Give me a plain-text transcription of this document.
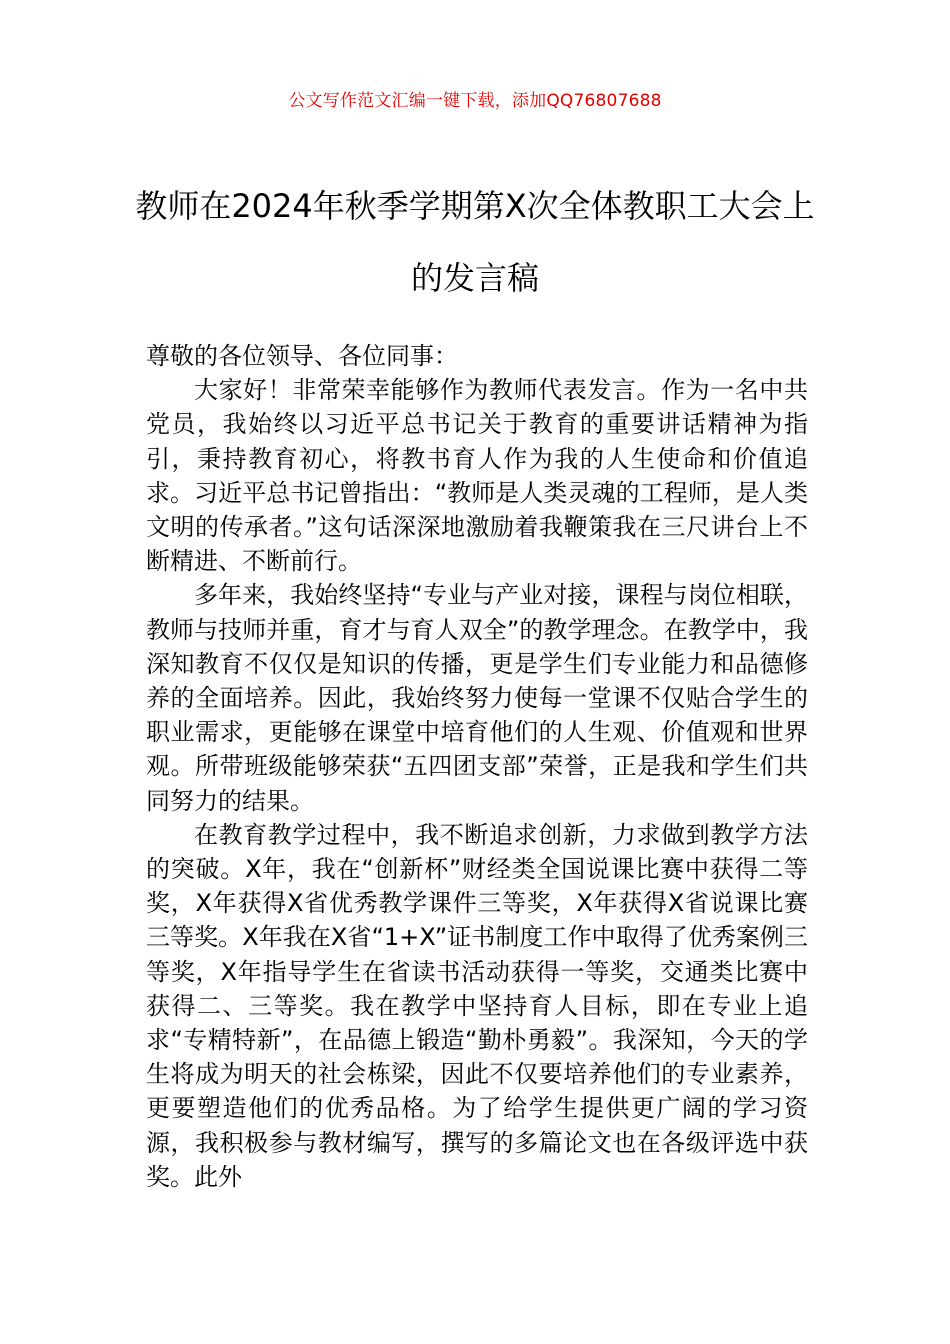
公文写作范文汇编一键下载，添加QQ76807688
教师在2024年秋季学期第X次全体教职工大会上的发言稿

尊敬的各位领导、各位同事：

大家好！非常荣幸能够作为教师代表发言。作为一名中共党员，我始终以习近平总书记关于教育的重要讲话精神为指引，秉持教育初心，将教书育人作为我的人生使命和价值追求。习近平总书记曾指出：“教师是人类灵魂的工程师，是人类文明的传承者。”这句话深深地激励着我鞭策我在三尺讲台上不断精进、不断前行。

多年来，我始终坚持“专业与产业对接，课程与岗位相联，教师与技师并重，育才与育人双全”的教学理念。在教学中，我深知教育不仅仅是知识的传播，更是学生们专业能力和品德修养的全面培养。因此，我始终努力使每一堂课不仅贴合学生的职业需求，更能够在课堂中培育他们的人生观、价值观和世界观。所带班级能够荣获“五四团支部”荣誉，正是我和学生们共同努力的结果。

在教育教学过程中，我不断追求创新，力求做到教学方法的突破。X年，我在“创新杯”财经类全国说课比赛中获得二等奖，X年获得X省优秀教学课件三等奖，X年获得X省说课比赛三等奖。X年我在X省“1+X”证书制度工作中取得了优秀案例三等奖，X年指导学生在省读书活动获得一等奖，交通类比赛中获得二、三等奖。我在教学中坚持育人目标，即在专业上追求“专精特新”，在品德上锻造“勤朴勇毅”。我深知，今天的学生将成为明天的社会栋梁，因此不仅要培养他们的专业素养，更要塑造他们的优秀品格。为了给学生提供更广阔的学习资源，我积极参与教材编写，撰写的多篇论文也在各级评选中获奖。此外
